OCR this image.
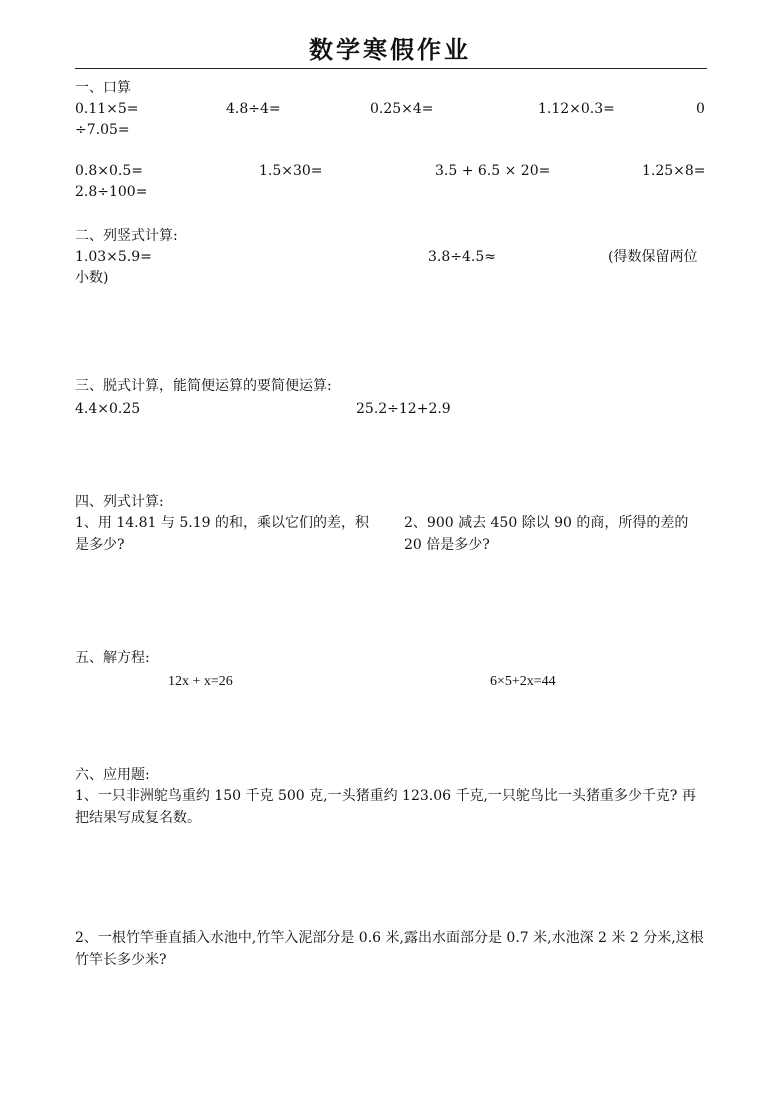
数学寒假作业
一、口算
0.11×5=	4.8÷4=	0.25×4=	1.12×0.3=	0
÷7.05=
0.8×0.5=	1.5×30=	3.5 + 6.5 × 20=	1.25×8=
2.8÷100=
二、列竖式计算:
1.03×5.9=	3.8÷4.5≈	(得数保留两位
小数)
三、脱式计算，能简便运算的要简便运算:
4.4×0.25	25.2÷12+2.9
四、列式计算:
1、用 14.81 与 5.19 的和，乘以它们的差，积是多少?
2、900 减去 450 除以 90 的商，所得的差的 20 倍是多少?
五、解方程:
12x + x=26	6×5+2x=44
六、应用题:
1、一只非洲鸵鸟重约 150 千克 500 克,一头猪重约 123.06 千克,一只鸵鸟比一头猪重多少千克? 再把结果写成复名数。
2、一根竹竿垂直插入水池中,竹竿入泥部分是 0.6 米,露出水面部分是 0.7 米,水池深 2 米 2 分米,这根竹竿长多少米?
